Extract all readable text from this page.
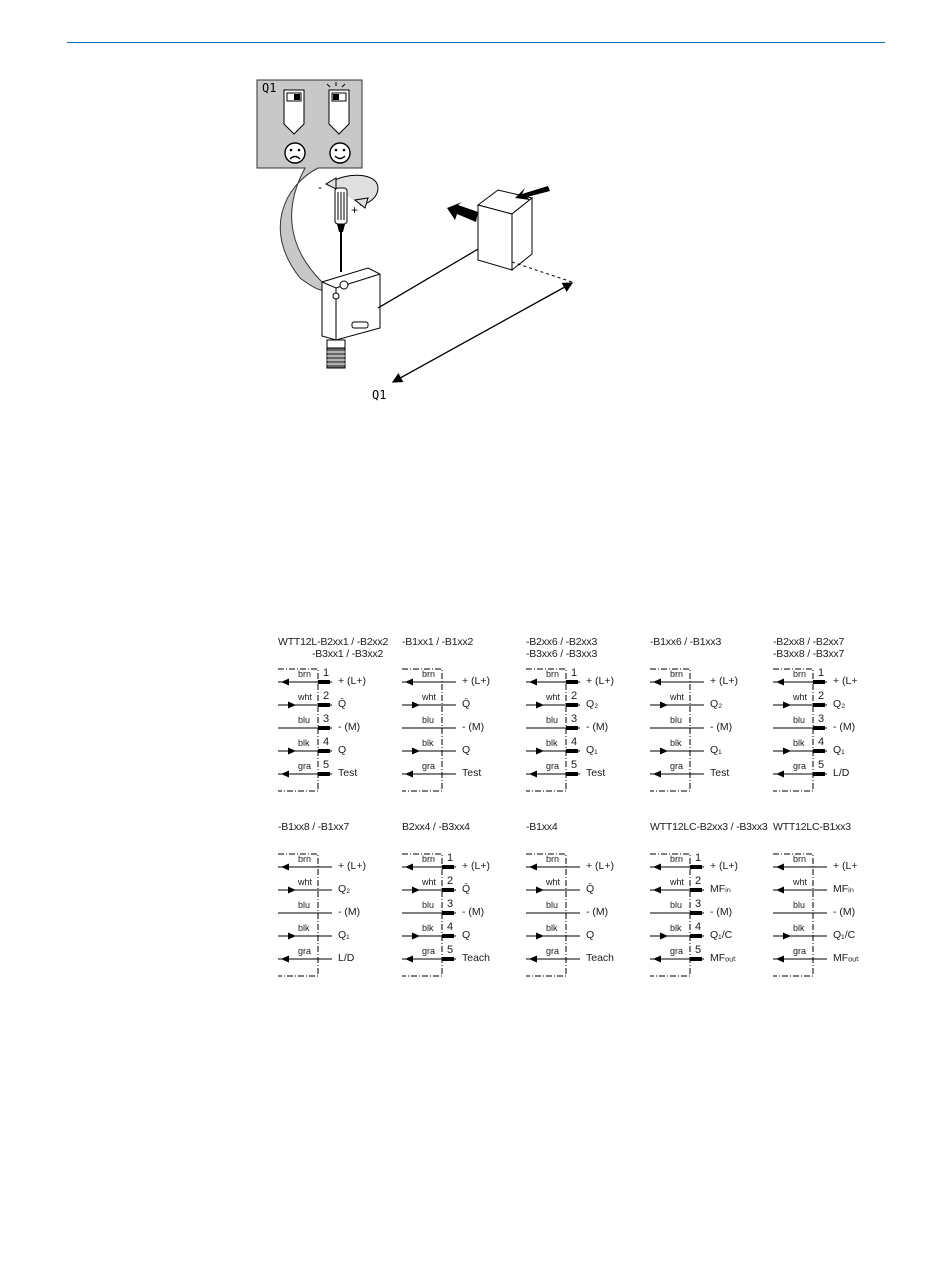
Q1
-
+
Q1
WTT12L-B2xx1 / -B2xx2
-B3xx1 / -B3xx2
brn 1
+ (L+)
wht 2
Q̄
blu 3
- (M)
blk 4
Q
gra 5
Test
-B1xx1 / -B1xx2
brn
+ (L+)
wht
Q̄
blu
- (M)
blk
Q
gra
Test
-B2xx6 / -B2xx3
-B3xx6 / -B3xx3
brn 1
+ (L+)
wht 2
Q₂
blu 3
- (M)
blk 4
Q₁
gra 5
Test
-B1xx6 / -B1xx3
brn
+ (L+)
wht
Q₂
blu
- (M)
blk
Q₁
gra
Test
-B2xx8 / -B2xx7
-B3xx8 / -B3xx7
brn 1
+ (L+
wht 2
Q₂
blu 3
- (M)
blk 4
Q₁
gra 5
L/D
-B1xx8 / -B1xx7
brn
+ (L+)
wht
Q₂
blu
- (M)
blk
Q₁
gra
L/D
B2xx4 / -B3xx4
brn 1
+ (L+)
wht 2
Q̄
blu 3
- (M)
blk 4
Q
gra 5
Teach
-B1xx4
brn
+ (L+)
wht
Q̄
blu
- (M)
blk
Q
gra
Teach
WTT12LC-B2xx3 / -B3xx3
brn 1
+ (L+)
wht 2
MFᵢₙ
blu 3
- (M)
blk 4
Q₁/C
gra 5
MFₒᵤₜ
WTT12LC-B1xx3
brn
+ (L+
wht
MFᵢₙ
blu
- (M)
blk
Q₁/C
gra
MFₒᵤₜ
